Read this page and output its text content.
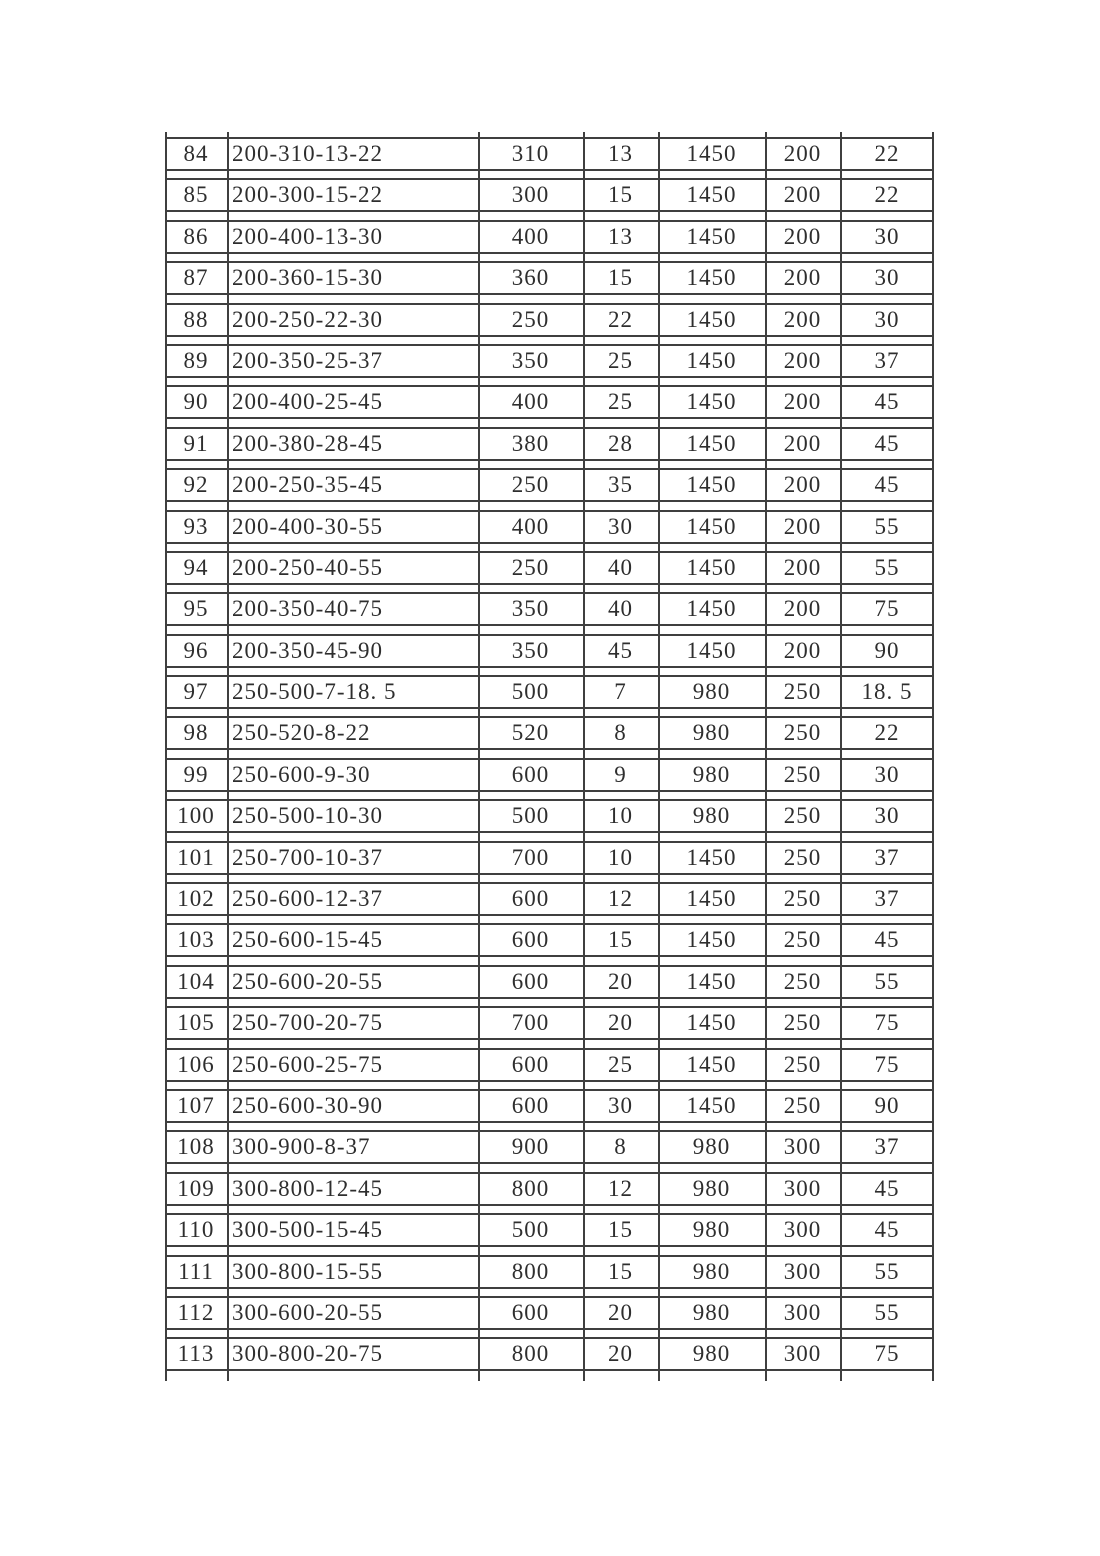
84	200-310-13-22	310	13	1450	200	22
85	200-300-15-22	300	15	1450	200	22
86	200-400-13-30	400	13	1450	200	30
87	200-360-15-30	360	15	1450	200	30
88	200-250-22-30	250	22	1450	200	30
89	200-350-25-37	350	25	1450	200	37
90	200-400-25-45	400	25	1450	200	45
91	200-380-28-45	380	28	1450	200	45
92	200-250-35-45	250	35	1450	200	45
93	200-400-30-55	400	30	1450	200	55
94	200-250-40-55	250	40	1450	200	55
95	200-350-40-75	350	40	1450	200	75
96	200-350-45-90	350	45	1450	200	90
97	250-500-7-18. 5	500	7	980	250	18. 5
98	250-520-8-22	520	8	980	250	22
99	250-600-9-30	600	9	980	250	30
100 250-500-10-30	500	10	980	250	30
101 250-700-10-37	700	10	1450	250	37
102 250-600-12-37	600	12	1450	250	37
103 250-600-15-45	600	15	1450	250	45
104 250-600-20-55	600	20	1450	250	55
105 250-700-20-75	700	20	1450	250	75
106 250-600-25-75	600	25	1450	250	75
107 250-600-30-90	600	30	1450	250	90
108 300-900-8-37	900	8	980	300	37
109 300-800-12-45	800	12	980	300	45
110 300-500-15-45	500	15	980	300	45
111 300-800-15-55	800	15	980	300	55
112 300-600-20-55	600	20	980	300	55
113 300-800-20-75	800	20	980	300	75
